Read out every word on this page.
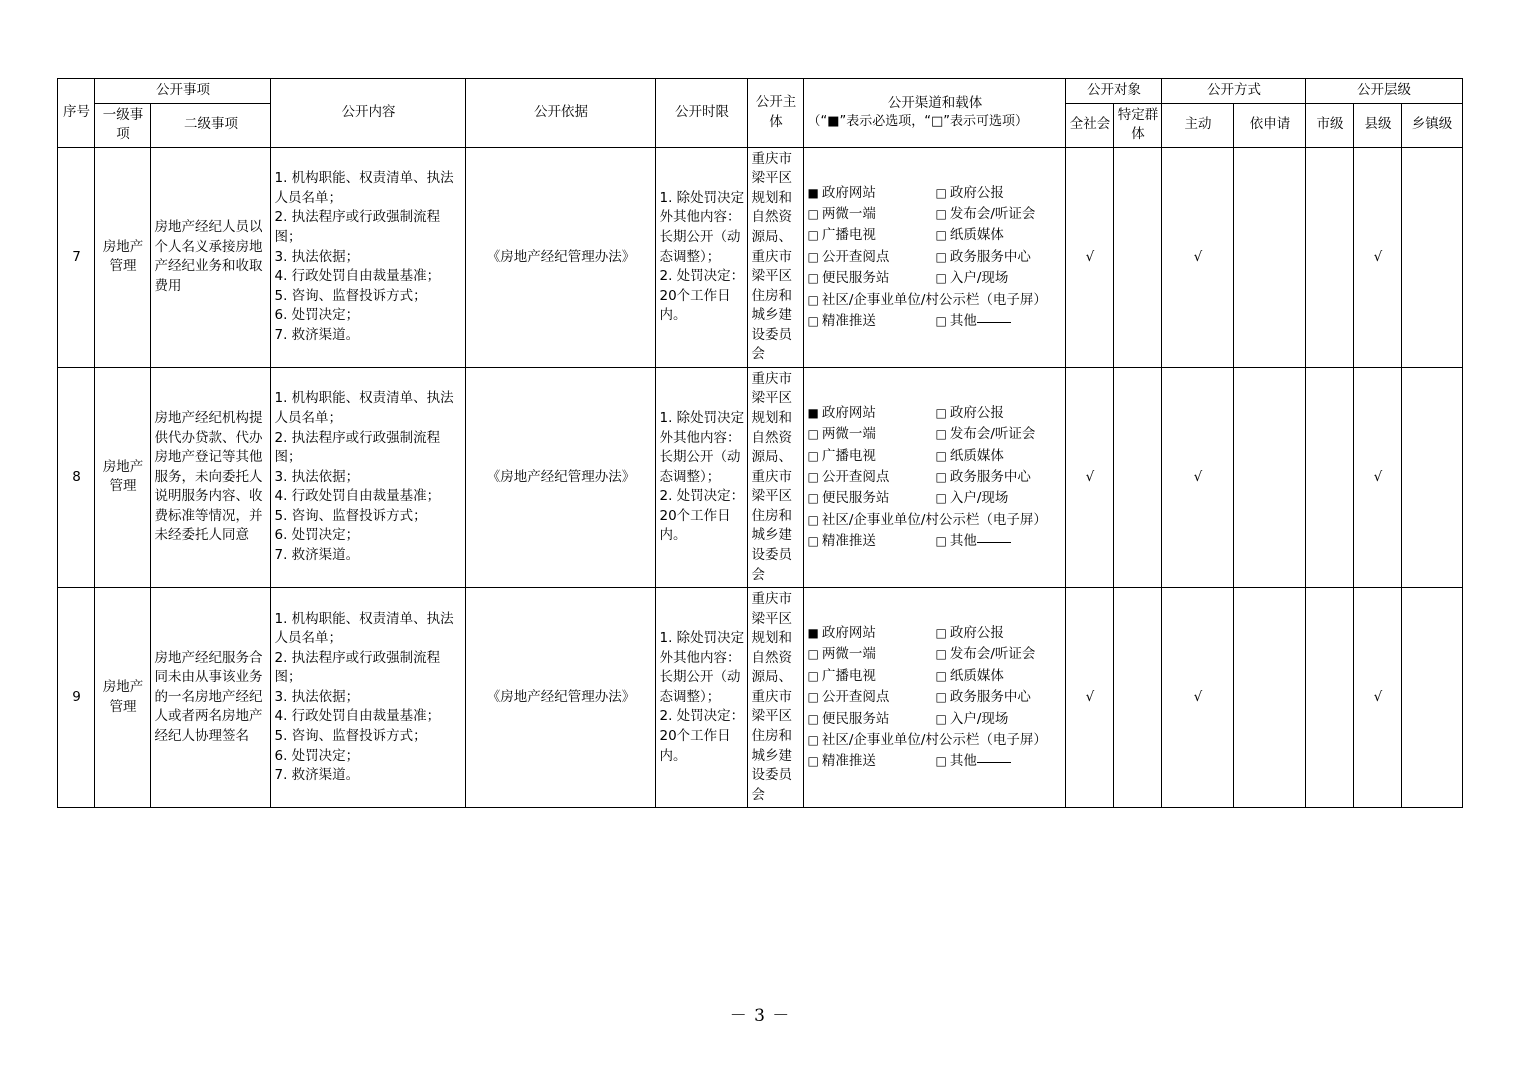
序号	公开事项		公开内容	公开依据	公开时限	公开主体	公开渠道和载体
（“■”表示必选项，“□”表示可选项）	公开对象		公开方式		公开层级		
	一级事项	二级事项						全社会	特定群体	主动	依申请	市级	县级	乡镇级
7	房地产管理	房地产经纪人员以个人名义承接房地产经纪业务和收取费用	
1. 机构职能、权责清单、执法人员名单；
2. 执法程序或行政强制流程图；
3. 执法依据；
4. 行政处罚自由裁量基准；
5. 咨询、监督投诉方式；
6. 处罚决定；
7. 救济渠道。
	《房地产经纪管理办法》	
1. 除处罚决定外其他内容：长期公开（动态调整）；
2. 处罚决定：20个工作日内。
	重庆市梁平区规划和自然资源局、重庆市梁平区住房和城乡建设委员会	
■ 政府网站	□ 政府公报
□ 两微一端	□ 发布会/听证会
□ 广播电视	□ 纸质媒体
□ 公开查阅点	□ 政务服务中心
□ 便民服务站	□ 入户/现场
□ 社区/企事业单位/村公示栏（电子屏）
□ 精准推送	□ 其他
	√		√			√	
8	房地产管理	房地产经纪机构提供代办贷款、代办房地产登记等其他服务，未向委托人说明服务内容、收费标准等情况，并未经委托人同意	
1. 机构职能、权责清单、执法人员名单；
2. 执法程序或行政强制流程图；
3. 执法依据；
4. 行政处罚自由裁量基准；
5. 咨询、监督投诉方式；
6. 处罚决定；
7. 救济渠道。
	《房地产经纪管理办法》	
1. 除处罚决定外其他内容：长期公开（动态调整）；
2. 处罚决定：20个工作日内。
	重庆市梁平区规划和自然资源局、重庆市梁平区住房和城乡建设委员会	
■ 政府网站	□ 政府公报
□ 两微一端	□ 发布会/听证会
□ 广播电视	□ 纸质媒体
□ 公开查阅点	□ 政务服务中心
□ 便民服务站	□ 入户/现场
□ 社区/企事业单位/村公示栏（电子屏）
□ 精准推送	□ 其他
	√		√			√	
9	房地产管理	房地产经纪服务合同未由从事该业务的一名房地产经纪人或者两名房地产经纪人协理签名	
1. 机构职能、权责清单、执法人员名单；
2. 执法程序或行政强制流程图；
3. 执法依据；
4. 行政处罚自由裁量基准；
5. 咨询、监督投诉方式；
6. 处罚决定；
7. 救济渠道。
	《房地产经纪管理办法》	
1. 除处罚决定外其他内容：长期公开（动态调整）；
2. 处罚决定：20个工作日内。
	重庆市梁平区规划和自然资源局、重庆市梁平区住房和城乡建设委员会	
■ 政府网站	□ 政府公报
□ 两微一端	□ 发布会/听证会
□ 广播电视	□ 纸质媒体
□ 公开查阅点	□ 政务服务中心
□ 便民服务站	□ 入户/现场
□ 社区/企事业单位/村公示栏（电子屏）
□ 精准推送	□ 其他
	√		√			√	
－ 3 －
